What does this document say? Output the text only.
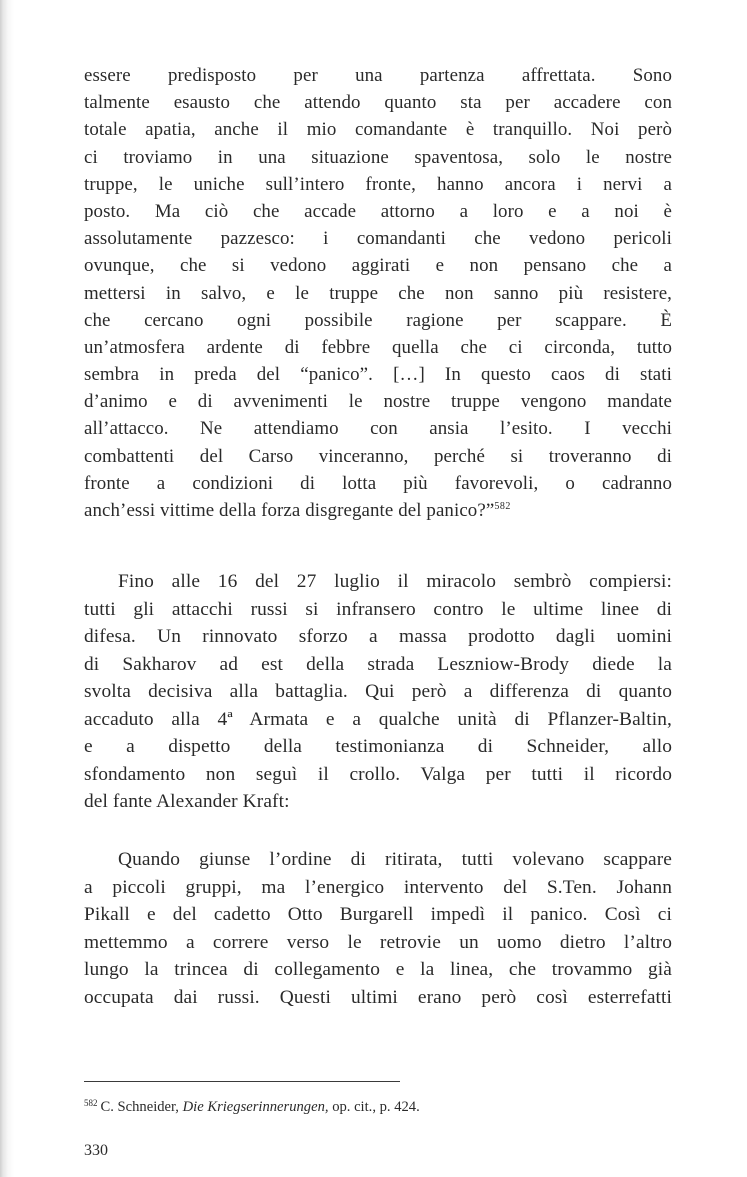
essere predisposto per una partenza affrettata. Sono
talmente esausto che attendo quanto sta per accadere con
totale apatia, anche il mio comandante è tranquillo. Noi però
ci troviamo in una situazione spaventosa, solo le nostre
truppe, le uniche sull’intero fronte, hanno ancora i nervi a
posto. Ma ciò che accade attorno a loro e a noi è
assolutamente pazzesco: i comandanti che vedono pericoli
ovunque, che si vedono aggirati e non pensano che a
mettersi in salvo, e le truppe che non sanno più resistere,
che cercano ogni possibile ragione per scappare. È
un’atmosfera ardente di febbre quella che ci circonda, tutto
sembra in preda del “panico”. […] In questo caos di stati
d’animo e di avvenimenti le nostre truppe vengono mandate
all’attacco. Ne attendiamo con ansia l’esito. I vecchi
combattenti del Carso vinceranno, perché si troveranno di
fronte a condizioni di lotta più favorevoli, o cadranno
anch’essi vittime della forza disgregante del panico?”$^{582}$
Fino alle 16 del 27 luglio il miracolo sembrò compiersi:
tutti gli attacchi russi si infransero contro le ultime linee di
difesa. Un rinnovato sforzo a massa prodotto dagli uomini
di Sakharov ad est della strada Leszniow-Brody diede la
svolta decisiva alla battaglia. Qui però a differenza di quanto
accaduto alla 4ª Armata e a qualche unità di Pflanzer-Baltin,
e a dispetto della testimonianza di Schneider, allo
sfondamento non seguì il crollo. Valga per tutti il ricordo
del fante Alexander Kraft:
Quando giunse l’ordine di ritirata, tutti volevano scappare
a piccoli gruppi, ma l’energico intervento del S.Ten. Johann
Pikall e del cadetto Otto Burgarell impedì il panico. Così ci
mettemmo a correre verso le retrovie un uomo dietro l’altro
lungo la trincea di collegamento e la linea, che trovammo già
occupata dai russi. Questi ultimi erano però così esterrefatti
$^{582}$ C. Schneider, Die Kriegserinnerungen, op. cit., p. 424.
330
